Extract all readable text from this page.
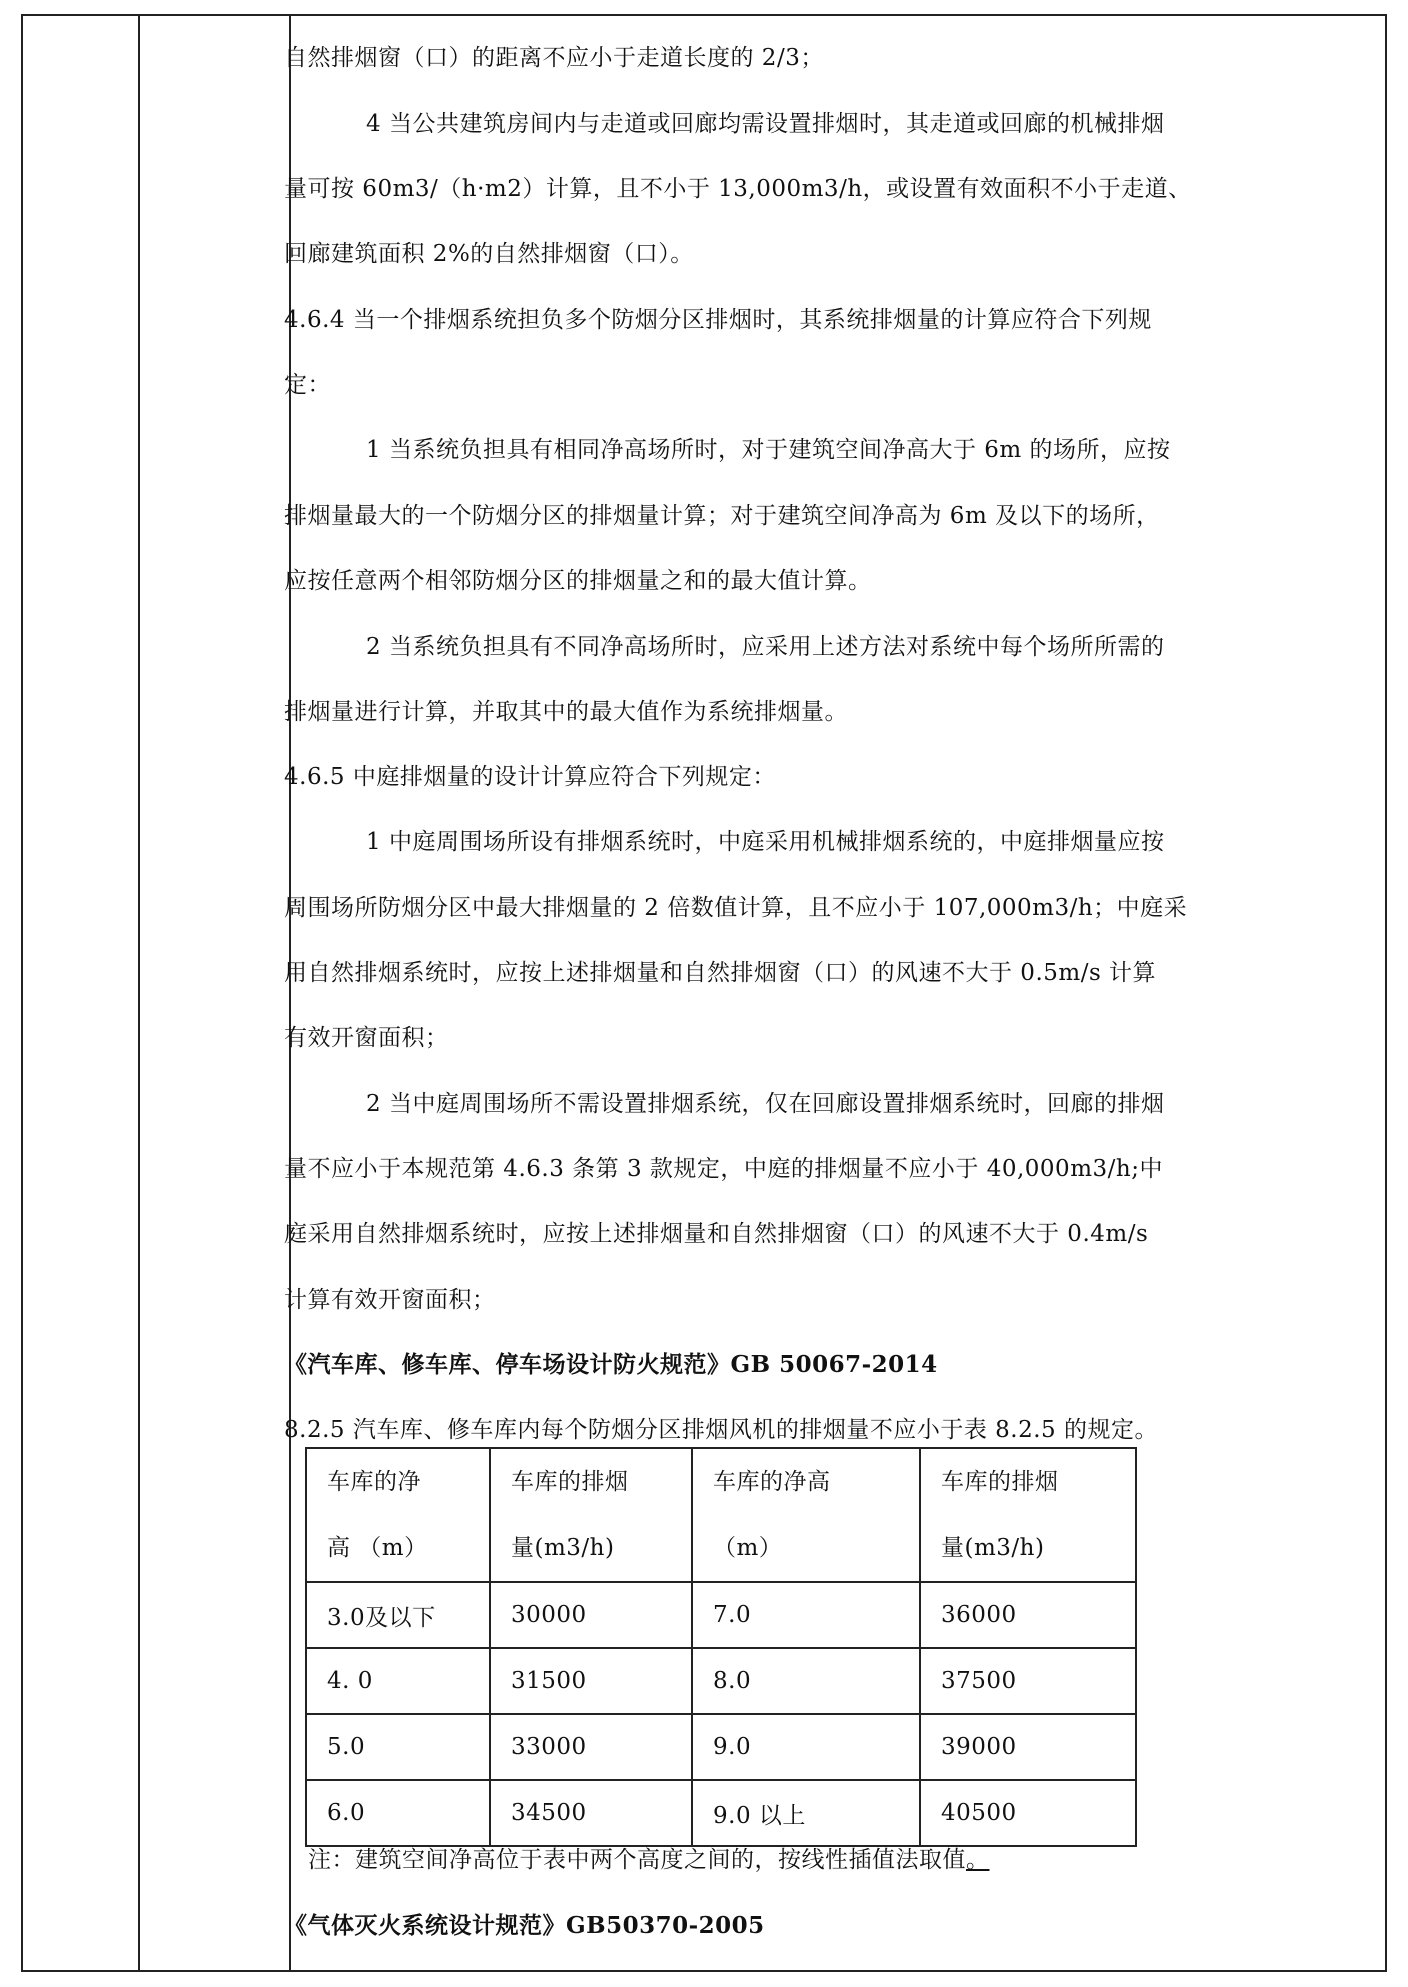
自然排烟窗（口）的距离不应小于走道长度的 2/3；
4 当公共建筑房间内与走道或回廊均需设置排烟时，其走道或回廊的机械排烟
量可按 60m3/（h·m2）计算，且不小于 13,000m3/h，或设置有效面积不小于走道、
回廊建筑面积 2%的自然排烟窗（口）。
4.6.4 当一个排烟系统担负多个防烟分区排烟时，其系统排烟量的计算应符合下列规
定：
1 当系统负担具有相同净高场所时，对于建筑空间净高大于 6m 的场所，应按
排烟量最大的一个防烟分区的排烟量计算；对于建筑空间净高为 6m 及以下的场所，
应按任意两个相邻防烟分区的排烟量之和的最大值计算。
2 当系统负担具有不同净高场所时，应采用上述方法对系统中每个场所所需的
排烟量进行计算，并取其中的最大值作为系统排烟量。
4.6.5 中庭排烟量的设计计算应符合下列规定：
1 中庭周围场所设有排烟系统时，中庭采用机械排烟系统的，中庭排烟量应按
周围场所防烟分区中最大排烟量的 2 倍数值计算，且不应小于 107,000m3/h；中庭采
用自然排烟系统时，应按上述排烟量和自然排烟窗（口）的风速不大于 0.5m/s 计算
有效开窗面积；
2 当中庭周围场所不需设置排烟系统，仅在回廊设置排烟系统时，回廊的排烟
量不应小于本规范第 4.6.3 条第 3 款规定，中庭的排烟量不应小于 40,000m3/h;中
庭采用自然排烟系统时，应按上述排烟量和自然排烟窗（口）的风速不大于 0.4m/s
计算有效开窗面积；
《汽车库、修车库、停车场设计防火规范》GB 50067-2014
8.2.5 汽车库、修车库内每个防烟分区排烟风机的排烟量不应小于表 8.2.5 的规定。
注：建筑空间净高位于表中两个高度之间的，按线性插值法取值。
《气体灭火系统设计规范》GB50370-2005
车库的净
高 （m）	车库的排烟
量(m3/h)	车库的净高
（m）	车库的排烟
量(m3/h)

3.0及以下	30000	7.0	36000
4. 0	31500	8.0	37500
5.0	33000	9.0	39000
6.0	34500	9.0 以上	40500
